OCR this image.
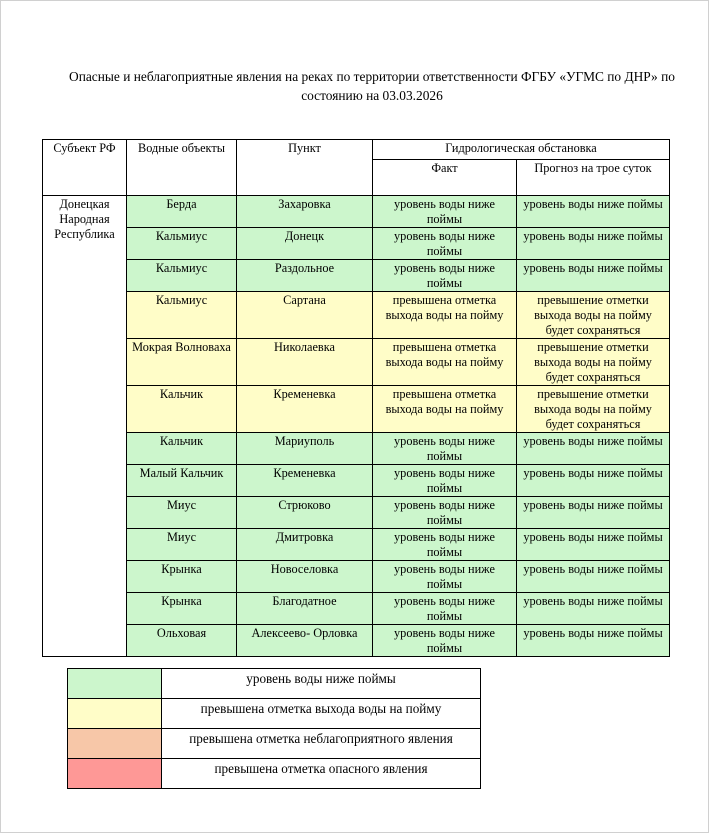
Опасные и неблагоприятные явления на реках по территории ответственности ФГБУ «УГМС по ДНР» по состоянию на 03.03.2026
Субъект РФ	Водные объекты	Пункт	Гидрологическая обстановка	
			Факт	Прогноз на трое суток
Донецкая Народная Республика	Берда	Захаровка	уровень воды ниже поймы	уровень воды ниже поймы
	Кальмиус	Донецк	уровень воды ниже поймы	уровень воды ниже поймы
	Кальмиус	Раздольное	уровень воды ниже поймы	уровень воды ниже поймы
	Кальмиус	Сартана	превышена отметка выхода воды на пойму	превышение отметки выхода воды на пойму будет сохраняться
	Мокрая Волноваха	Николаевка	превышена отметка выхода воды на пойму	превышение отметки выхода воды на пойму будет сохраняться
	Кальчик	Кременевка	превышена отметка выхода воды на пойму	превышение отметки выхода воды на пойму будет сохраняться
	Кальчик	Мариуполь	уровень воды ниже поймы	уровень воды ниже поймы
	Малый Кальчик	Кременевка	уровень воды ниже поймы	уровень воды ниже поймы
	Миус	Стрюково	уровень воды ниже поймы	уровень воды ниже поймы
	Миус	Дмитровка	уровень воды ниже поймы	уровень воды ниже поймы
	Крынка	Новоселовка	уровень воды ниже поймы	уровень воды ниже поймы
	Крынка	Благодатное	уровень воды ниже поймы	уровень воды ниже поймы
	Ольховая	Алексеево- Орловка	уровень воды ниже поймы	уровень воды ниже поймы
	уровень воды ниже поймы
	превышена отметка выхода воды на пойму
	превышена отметка неблагоприятного явления
	превышена отметка опасного явления
